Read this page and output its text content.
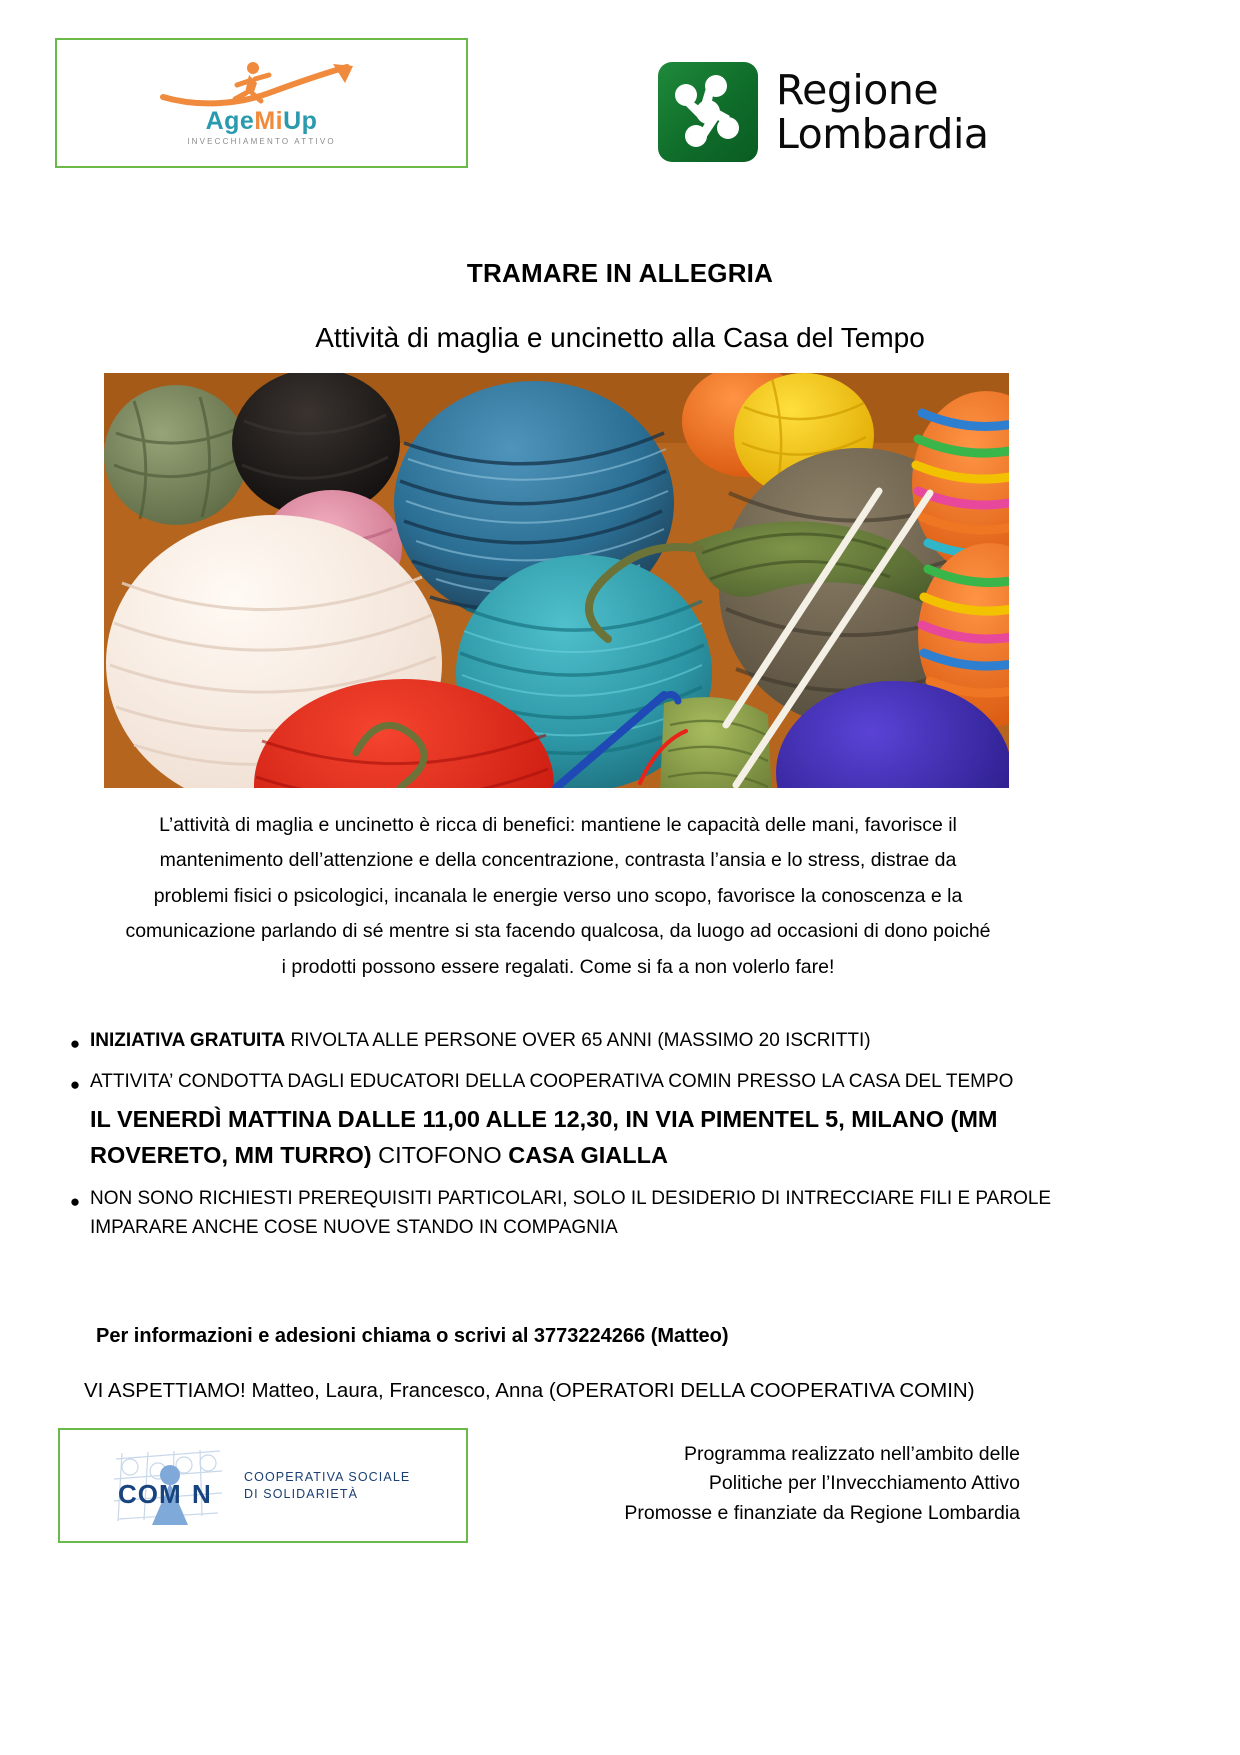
AgeMiUp
INVECCHIAMENTO ATTIVO
Regione
Lombardia
TRAMARE IN ALLEGRIA
Attività di maglia e uncinetto alla Casa del Tempo
L’attività di maglia e uncinetto è ricca di benefici: mantiene le capacità delle mani, favorisce il mantenimento dell’attenzione e della concentrazione, contrasta l’ansia e lo stress, distrae da problemi fisici o psicologici, incanala le energie verso uno scopo, favorisce la conoscenza e la comunicazione parlando di sé mentre si sta facendo qualcosa, da luogo ad occasioni di dono poiché i prodotti possono essere regalati. Come si fa a non volerlo fare!
● INIZIATIVA GRATUITA RIVOLTA ALLE PERSONE OVER 65 ANNI (MASSIMO 20 ISCRITTI)
● ATTIVITA’ CONDOTTA DAGLI EDUCATORI DELLA COOPERATIVA COMIN PRESSO LA CASA DEL TEMPO
IL VENERDÌ MATTINA DALLE 11,00 ALLE 12,30, IN VIA PIMENTEL 5, MILANO (MM ROVERETO, MM TURRO) CITOFONO CASA GIALLA
● NON SONO RICHIESTI PREREQUISITI PARTICOLARI, SOLO IL DESIDERIO DI INTRECCIARE FILI E PAROLE IMPARARE ANCHE COSE NUOVE STANDO IN COMPAGNIA
Per informazioni e adesioni chiama o scrivi al 3773224266 (Matteo)
VI ASPETTIAMO! Matteo, Laura, Francesco, Anna (OPERATORI DELLA COOPERATIVA COMIN)
COM N
COOPERATIVA SOCIALE
DI SOLIDARIETÀ
Programma realizzato nell’ambito delle
Politiche per l’Invecchiamento Attivo
Promosse e finanziate da Regione Lombardia
